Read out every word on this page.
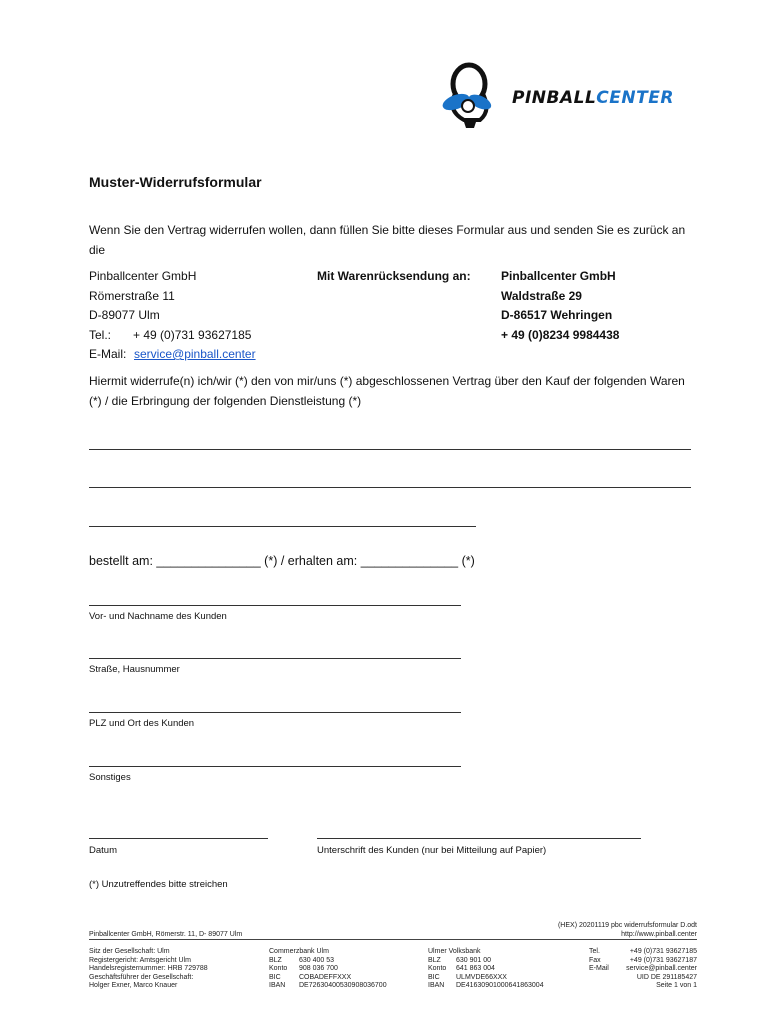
PINBALLCENTER
Muster-Widerrufsformular
Wenn Sie den Vertrag widerrufen wollen, dann füllen Sie bitte dieses Formular aus und senden Sie es zurück an die
Pinballcenter GmbH
Römerstraße 11
D-89077 Ulm
Tel.: + 49 (0)731 93627185
E-Mail: service@pinball.center
Mit Warenrücksendung an:	Pinballcenter GmbH
Waldstraße 29
D-86517 Wehringen
+ 49 (0)8234 9984438
Hiermit widerrufe(n) ich/wir (*) den von mir/uns (*) abgeschlossenen Vertrag über den Kauf der folgenden Waren (*) / die Erbringung der folgenden Dienstleistung (*)
bestellt am: _______________ (*) / erhalten am: ______________ (*)
Vor- und Nachname des Kunden
Straße, Hausnummer
PLZ und Ort des Kunden
Sonstiges
Datum	Unterschrift des Kunden (nur bei Mitteilung auf Papier)
(*) Unzutreffendes bitte streichen
(HEX) 20201119 pbc widerrufsformular D.odt
Pinballcenter GmbH, Römerstr. 11, D- 89077 Ulm	http://www.pinball.center
Sitz der Gesellschaft: Ulm
Registergericht: Amtsgericht Ulm
Handelsregisternummer: HRB 729788
Geschäftsführer der Gesellschaft:
Holger Exner, Marco Knauer
Commerzbank Ulm
BLZ 630 400 53
Konto 908 036 700
BIC	COBADEFFXXX
IBAN DE72630400530908036700
Ulmer Volksbank
BLZ 630 901 00
Konto 641 863 004
BIC ULMVDE66XXX
IBAN DE41630901000641863004
Tel.	+49 (0)731 93627185
Fax	+49 (0)731 93627187
E-Mail service@pinball.center
UID DE 291185427
Seite 1 von 1
